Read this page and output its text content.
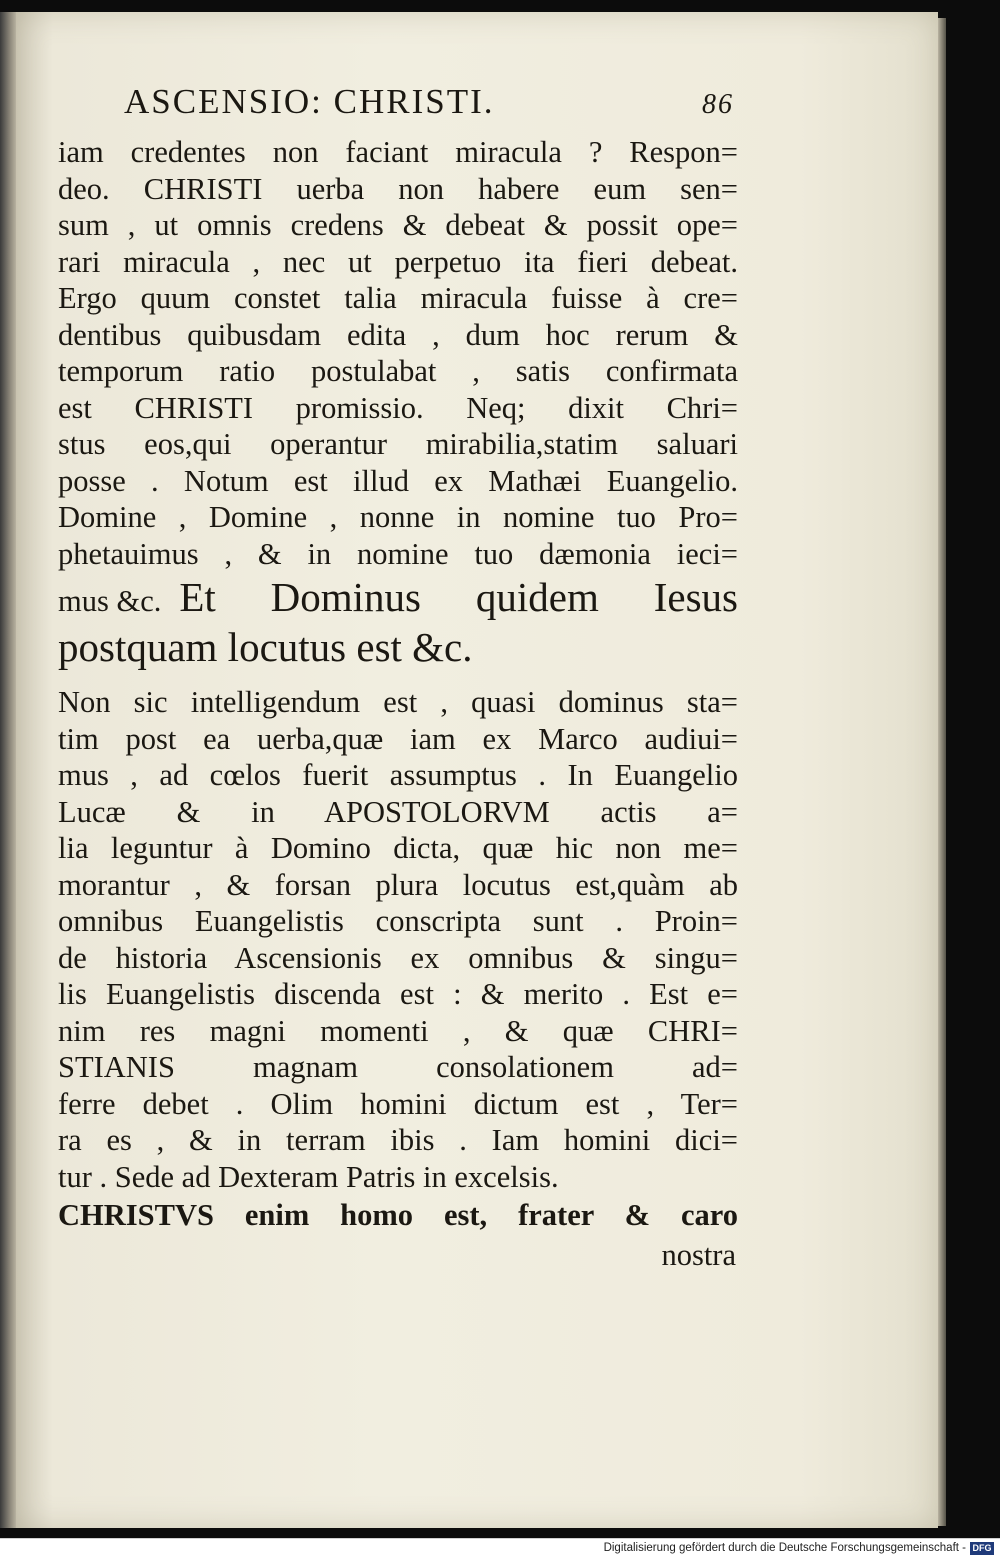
ASCENSIO: CHRISTI.	86
iam credentes non faciant miracula ? Respon=
deo. CHRISTI uerba non habere eum sen=
sum , ut omnis credens & debeat & possit ope=
rari miracula , nec ut perpetuo ita fieri debeat.
Ergo quum constet talia miracula fuisse à cre=
dentibus quibusdam edita , dum hoc rerum &
temporum ratio postulabat , satis confirmata
est CHRISTI promissio. Neq; dixit Chri=
stus eos,qui operantur mirabilia,statim saluari
posse . Notum est illud ex Mathæi Euangelio.
Domine , Domine , nonne in nomine tuo Pro=
phetauimus , & in nomine tuo dæmonia ieci=
mus &c. Et Dominus quidem Iesus
postquam locutus est &c.
Non sic intelligendum est , quasi dominus sta=
tim post ea uerba,quæ iam ex Marco audiui=
mus , ad cœlos fuerit assumptus . In Euangelio
Lucæ & in APOSTOLORVM actis a=
lia leguntur à Domino dicta, quæ hic non me=
morantur , & forsan plura locutus est,quàm ab
omnibus Euangelistis conscripta sunt . Proin=
de historia Ascensionis ex omnibus & singu=
lis Euangelistis discenda est : & merito . Est e=
nim res magni momenti , & quæ CHRI=
STIANIS magnam consolationem ad=
ferre debet . Olim homini dictum est , Ter=
ra es , & in terram ibis . Iam homini dici=
tur . Sede ad Dexteram Patris in excelsis.
CHRISTVS enim homo est, frater & caro
nostra
Digitalisierung gefördert durch die Deutsche Forschungsgemeinschaft - DFG
